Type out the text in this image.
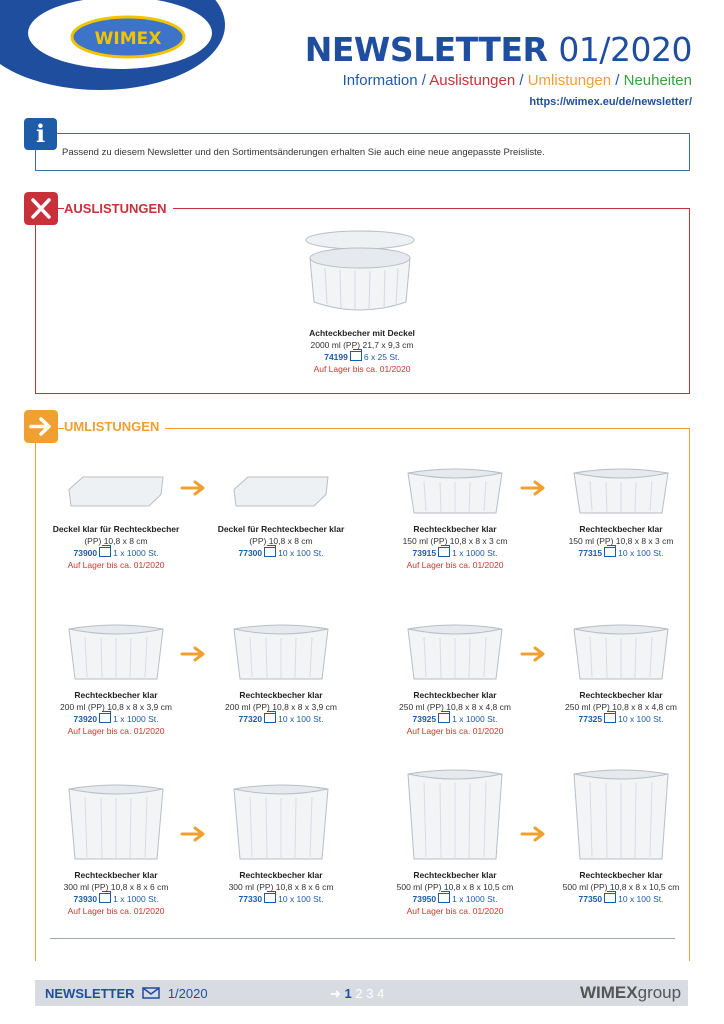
WIMEX	NEWSLETTER 01/2020
Information / Auslistungen / Umlistungen / Neuheiten
https://wimex.eu/de/newsletter/
i
Passend zu diesem Newsletter und den Sortimentsänderungen erhalten Sie auch eine neue angepasste Preisliste.
AUSLISTUNGEN
Achteckbecher mit Deckel
2000 ml (PP) 21,7 x 9,3 cm
74199 6 x 25 St.
Auf Lager bis ca. 01/2020
UMLISTUNGEN
Deckel klar für Rechteckbecher
(PP) 10,8 x 8 cm
73900 1 x 1000 St.
Auf Lager bis ca. 01/2020
Deckel für Rechteckbecher klar
(PP) 10,8 x 8 cm
77300 10 x 100 St.
Rechteckbecher klar
150 ml (PP) 10,8 x 8 x 3 cm
73915 1 x 1000 St.
Auf Lager bis ca. 01/2020
Rechteckbecher klar
150 ml (PP) 10,8 x 8 x 3 cm
77315 10 x 100 St.
Rechteckbecher klar
200 ml (PP) 10,8 x 8 x 3,9 cm
73920 1 x 1000 St.
Auf Lager bis ca. 01/2020
Rechteckbecher klar
200 ml (PP) 10,8 x 8 x 3,9 cm
77320 10 x 100 St.
Rechteckbecher klar
250 ml (PP) 10,8 x 8 x 4,8 cm
73925 1 x 1000 St.
Auf Lager bis ca. 01/2020
Rechteckbecher klar
250 ml (PP) 10,8 x 8 x 4,8 cm
77325 10 x 100 St.
Rechteckbecher klar
300 ml (PP) 10,8 x 8 x 6 cm
73930 1 x 1000 St.
Auf Lager bis ca. 01/2020
Rechteckbecher klar
300 ml (PP) 10,8 x 8 x 6 cm
77330 10 x 100 St.
Rechteckbecher klar
500 ml (PP) 10,8 x 8 x 10,5 cm
73950 1 x 1000 St.
Auf Lager bis ca. 01/2020
Rechteckbecher klar
500 ml (PP) 10,8 x 8 x 10,5 cm
77350 10 x 100 St.
NEWSLETTER	1/2020	➜ 1 2 3 4	WIMEXgroup
